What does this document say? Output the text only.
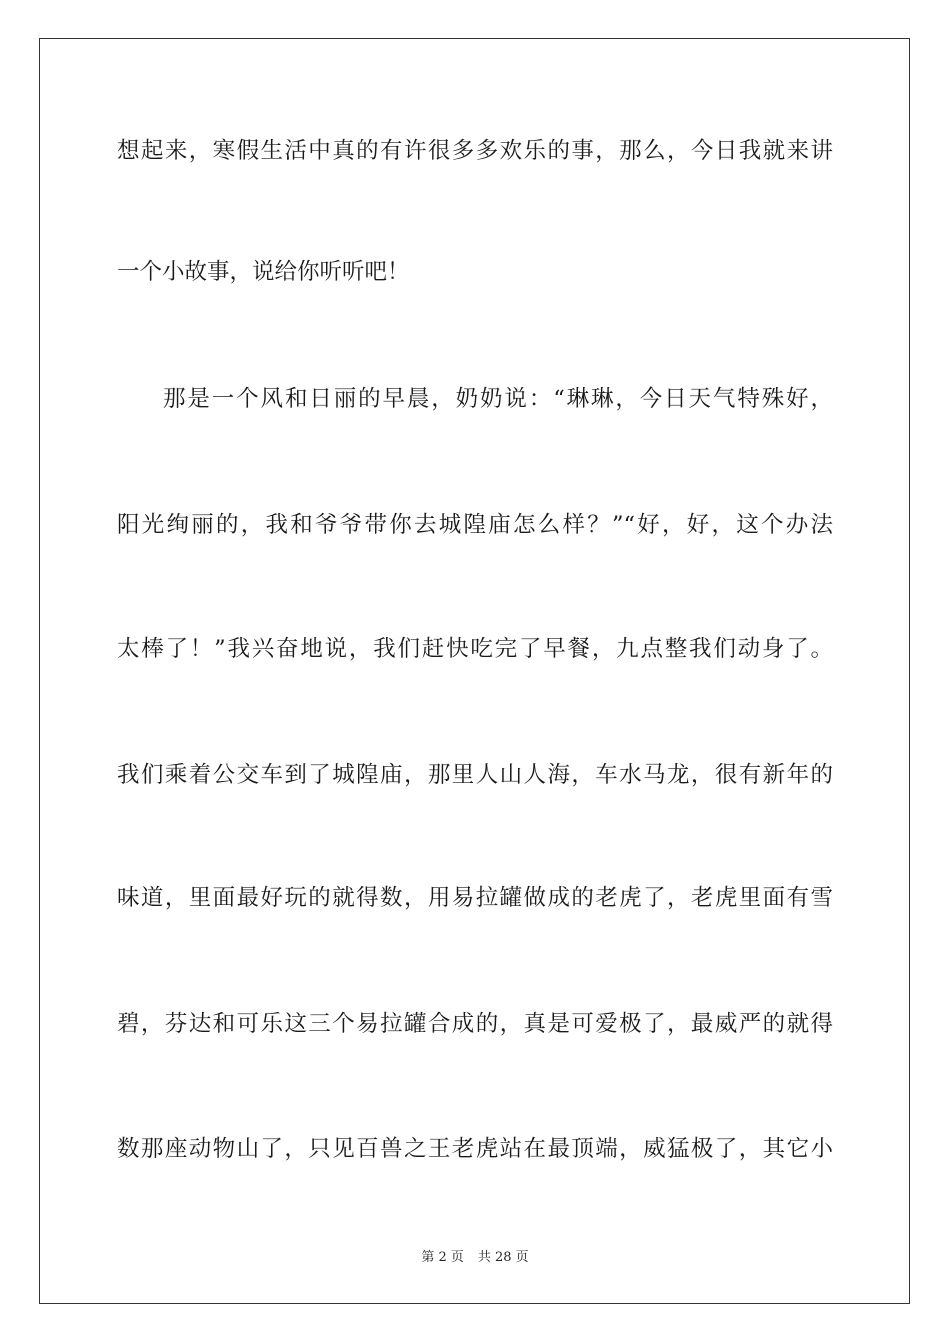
想起来，寒假生活中真的有许很多多欢乐的事，那么，今日我就来讲
一个小故事，说给你听听吧！
那是一个风和日丽的早晨，奶奶说：“琳琳，今日天气特殊好，
阳光绚丽的，我和爷爷带你去城隍庙怎么样？”“好，好，这个办法
太棒了！”我兴奋地说，我们赶快吃完了早餐，九点整我们动身了。
我们乘着公交车到了城隍庙，那里人山人海，车水马龙，很有新年的
味道，里面最好玩的就得数，用易拉罐做成的老虎了，老虎里面有雪
碧，芬达和可乐这三个易拉罐合成的，真是可爱极了，最威严的就得
数那座动物山了，只见百兽之王老虎站在最顶端，威猛极了，其它小
第 2 页 共 28 页
